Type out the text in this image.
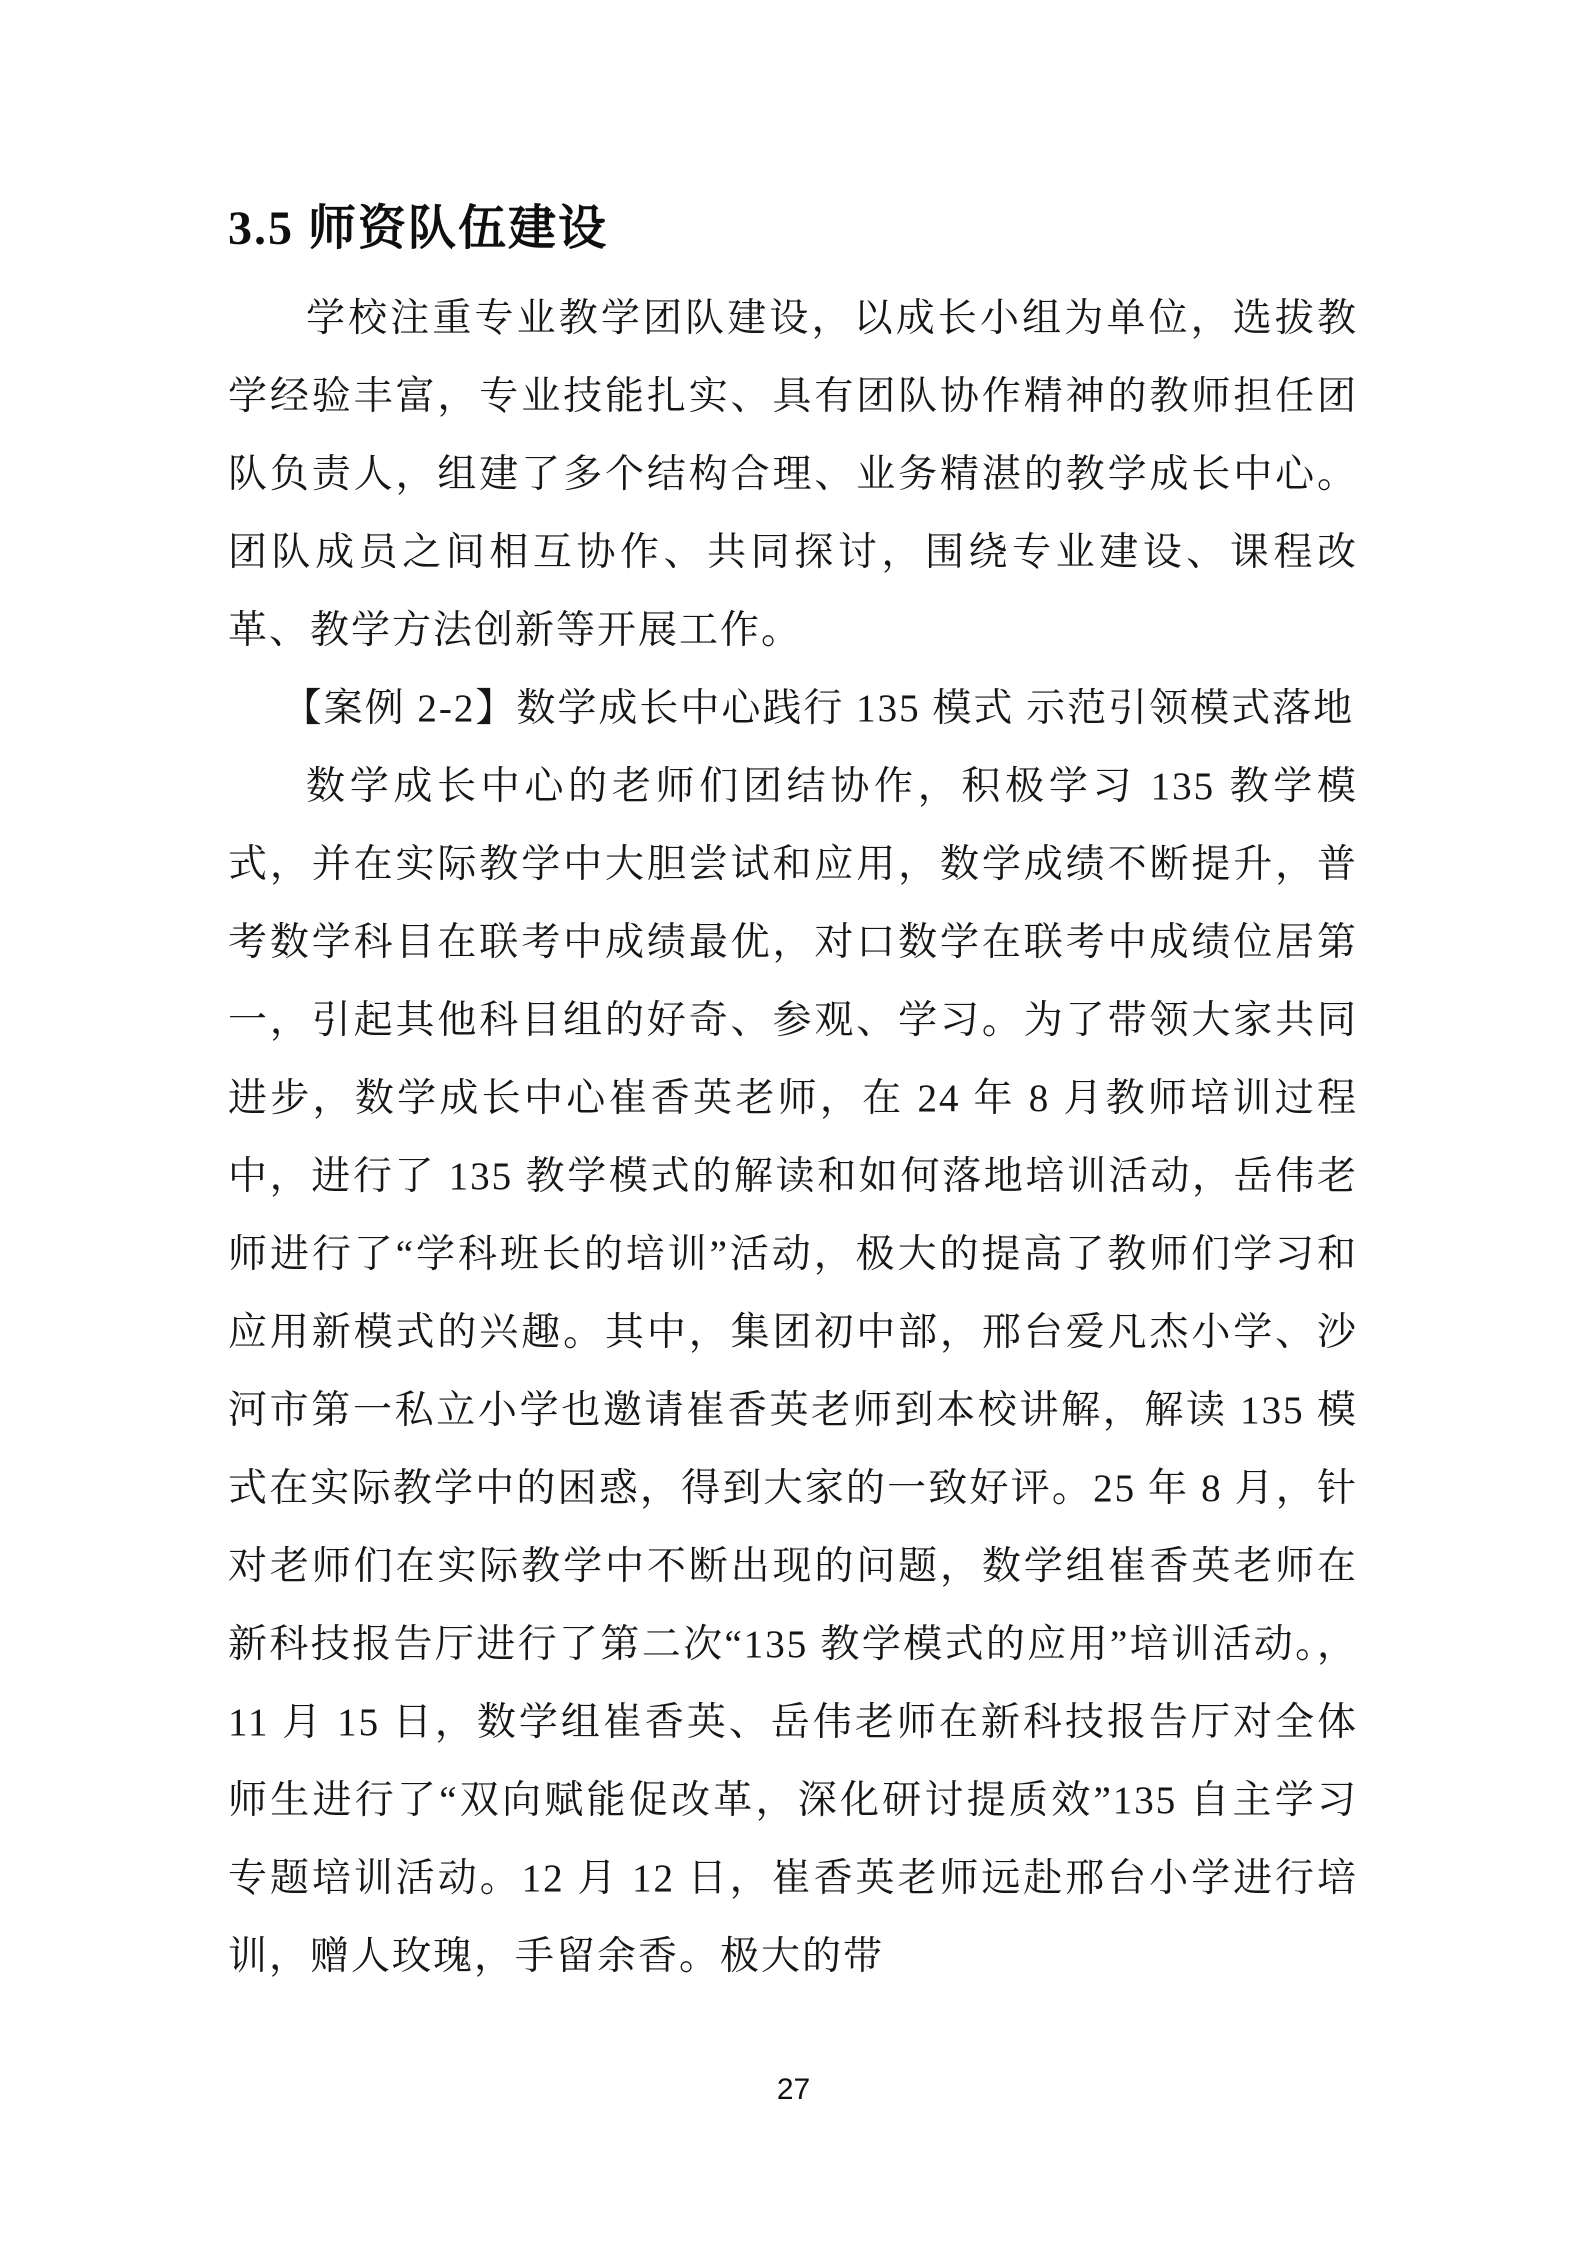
3.5 师资队伍建设

学校注重专业教学团队建设，以成长小组为单位，选拔教学经验丰富，专业技能扎实、具有团队协作精神的教师担任团队负责人，组建了多个结构合理、业务精湛的教学成长中心。团队成员之间相互协作、共同探讨，围绕专业建设、课程改革、教学方法创新等开展工作。

【案例 2-2】数学成长中心践行 135 模式 示范引领模式落地

数学成长中心的老师们团结协作，积极学习 135 教学模式，并在实际教学中大胆尝试和应用，数学成绩不断提升，普考数学科目在联考中成绩最优，对口数学在联考中成绩位居第一，引起其他科目组的好奇、参观、学习。为了带领大家共同进步，数学成长中心崔香英老师，在 24 年 8 月教师培训过程中，进行了 135 教学模式的解读和如何落地培训活动，岳伟老师进行了“学科班长的培训”活动，极大的提高了教师们学习和应用新模式的兴趣。其中，集团初中部，邢台爱凡杰小学、沙河市第一私立小学也邀请崔香英老师到本校讲解，解读 135 模式在实际教学中的困惑，得到大家的一致好评。25 年 8 月，针对老师们在实际教学中不断出现的问题，数学组崔香英老师在新科技报告厅进行了第二次“135 教学模式的应用”培训活动。，11 月 15 日，数学组崔香英、岳伟老师在新科技报告厅对全体师生进行了“双向赋能促改革，深化研讨提质效”135 自主学习专题培训活动。12 月 12 日，崔香英老师远赴邢台小学进行培训，赠人玫瑰，手留余香。极大的带

27
